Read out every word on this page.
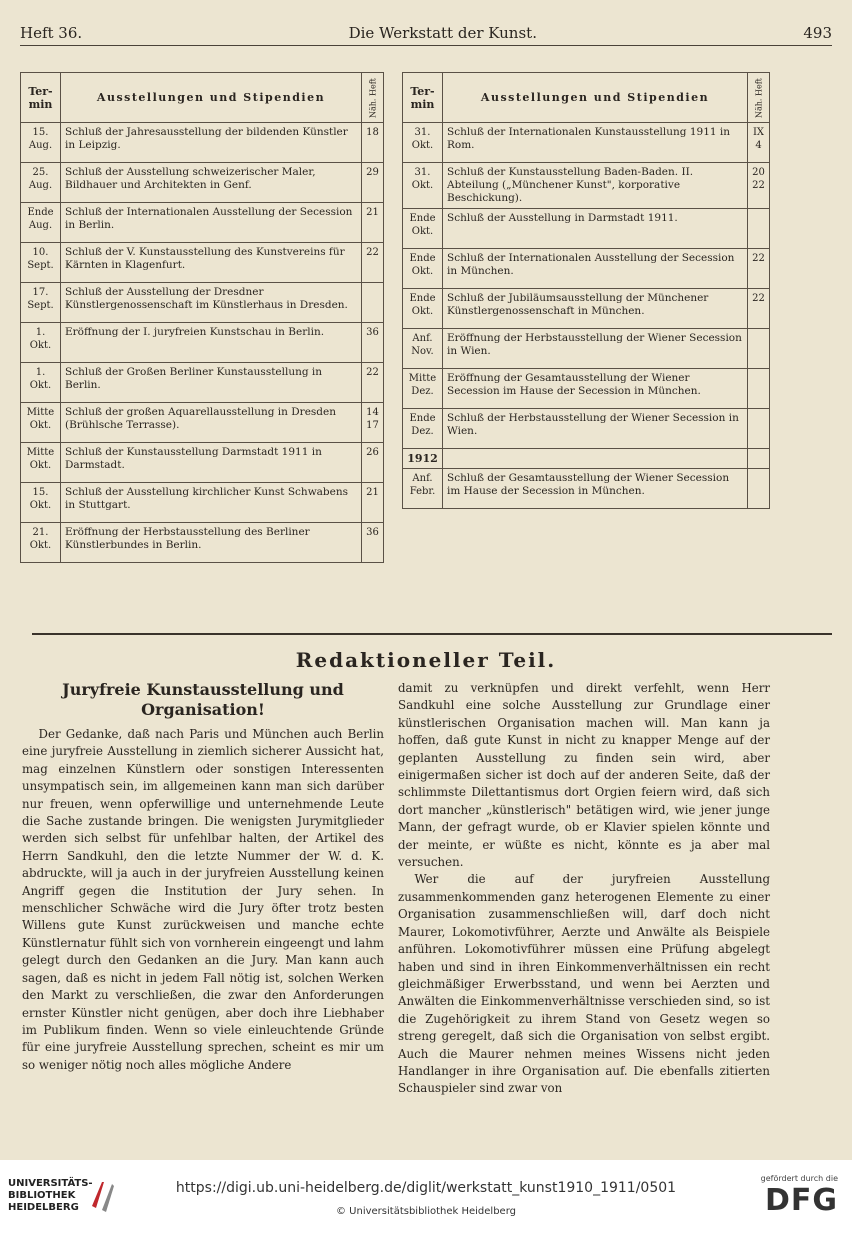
Heft 36.	Die Werkstatt der Kunst.	493
Ter-min	Ausstellungen und Stipendien	Näh. Heft
15. Aug.	Schluß der Jahresausstellung der bildenden Künstler in Leipzig.	18
25. Aug.	Schluß der Ausstellung schweizerischer Maler, Bildhauer und Architekten in Genf.	29
Ende Aug.	Schluß der Internationalen Ausstellung der Secession in Berlin.	21
10. Sept.	Schluß der V. Kunstausstellung des Kunstvereins für Kärnten in Klagenfurt.	22
17. Sept.	Schluß der Ausstellung der Dresdner Künstlergenossenschaft im Künstlerhaus in Dresden.	
1. Okt.	Eröffnung der I. juryfreien Kunstschau in Berlin.	36
1. Okt.	Schluß der Großen Berliner Kunstausstellung in Berlin.	22
Mitte Okt.	Schluß der großen Aquarellausstellung in Dresden (Brühlsche Terrasse).	14 17
Mitte Okt.	Schluß der Kunstausstellung Darmstadt 1911 in Darmstadt.	26
15. Okt.	Schluß der Ausstellung kirchlicher Kunst Schwabens in Stuttgart.	21
21. Okt.	Eröffnung der Herbstausstellung des Berliner Künstlerbundes in Berlin.	36
Ter-min	Ausstellungen und Stipendien	Näh. Heft
31. Okt.	Schluß der Internationalen Kunstausstellung 1911 in Rom.	IX 4
31. Okt.	Schluß der Kunstausstellung Baden-Baden. II. Abteilung („Münchener Kunst", korporative Beschickung).	20 22
Ende Okt.	Schluß der Ausstellung in Darmstadt 1911.	
Ende Okt.	Schluß der Internationalen Ausstellung der Secession in München.	22
Ende Okt.	Schluß der Jubiläumsausstellung der Münchener Künstlergenossenschaft in München.	22
Anf. Nov.	Eröffnung der Herbstausstellung der Wiener Secession in Wien.	
Mitte Dez.	Eröffnung der Gesamtausstellung der Wiener Secession im Hause der Secession in München.	
Ende Dez.	Schluß der Herbstausstellung der Wiener Secession in Wien.	
1912		
Anf. Febr.	Schluß der Gesamtausstellung der Wiener Secession im Hause der Secession in München.	
Redaktioneller Teil.
Juryfreie Kunstausstellung und Organisation!

Der Gedanke, daß nach Paris und München auch Berlin eine juryfreie Ausstellung in ziemlich sicherer Aussicht hat, mag einzelnen Künstlern oder sonstigen Interessenten unsympatisch sein, im allgemeinen kann man sich darüber nur freuen, wenn opferwillige und unternehmende Leute die Sache zustande bringen. Die wenigsten Jurymitglieder werden sich selbst für unfehlbar halten, der Artikel des Herrn Sandkuhl, den die letzte Nummer der W. d. K. abdruckte, will ja auch in der juryfreien Ausstellung keinen Angriff gegen die Institution der Jury sehen. In menschlicher Schwäche wird die Jury öfter trotz besten Willens gute Kunst zurückweisen und manche echte Künstlernatur fühlt sich von vornherein eingeengt und lahm gelegt durch den Gedanken an die Jury. Man kann auch sagen, daß es nicht in jedem Fall nötig ist, solchen Werken den Markt zu verschließen, die zwar den Anforderungen ernster Künstler nicht genügen, aber doch ihre Liebhaber im Publikum finden. Wenn so viele einleuchtende Gründe für eine juryfreie Ausstellung sprechen, scheint es mir um so weniger nötig noch alles mögliche Andere

damit zu verknüpfen und direkt verfehlt, wenn Herr Sandkuhl eine solche Ausstellung zur Grundlage einer künstlerischen Organisation machen will. Man kann ja hoffen, daß gute Kunst in nicht zu knapper Menge auf der geplanten Ausstellung zu finden sein wird, aber einigermaßen sicher ist doch auf der anderen Seite, daß der schlimmste Dilettantismus dort Orgien feiern wird, daß sich dort mancher „künstlerisch" betätigen wird, wie jener junge Mann, der gefragt wurde, ob er Klavier spielen könnte und der meinte, er wüßte es nicht, könnte es ja aber mal versuchen.

Wer die auf der juryfreien Ausstellung zusammenkommenden ganz heterogenen Elemente zu einer Organisation zusammenschließen will, darf doch nicht Maurer, Lokomotivführer, Aerzte und Anwälte als Beispiele anführen. Lokomotivführer müssen eine Prüfung abgelegt haben und sind in ihren Einkommenverhältnissen ein recht gleichmäßiger Erwerbsstand, und wenn bei Aerzten und Anwälten die Einkommenverhältnisse verschieden sind, so ist die Zugehörigkeit zu ihrem Stand von Gesetz wegen so streng geregelt, daß sich die Organisation von selbst ergibt. Auch die Maurer nehmen meines Wissens nicht jeden Handlanger in ihre Organisation auf. Die ebenfalls zitierten Schauspieler sind zwar von

UNIVERSITÄTS-
BIBLIOTHEK
HEIDELBERG
https://digi.ub.uni-heidelberg.de/diglit/werkstatt_kunst1910_1911/0501
© Universitätsbibliothek Heidelberg
gefördert durch die
DFG
